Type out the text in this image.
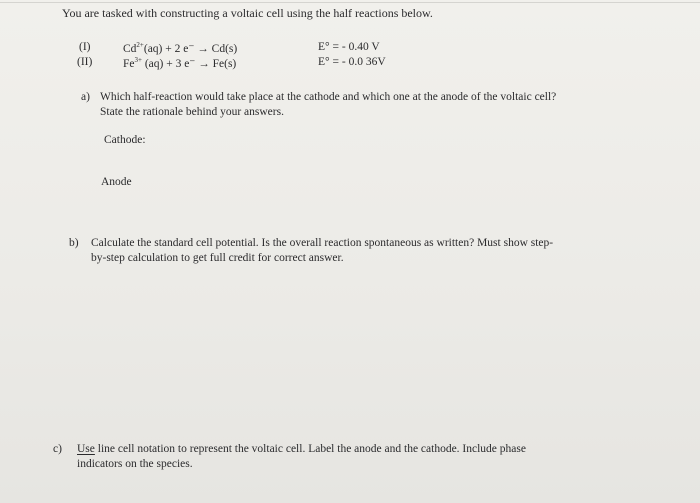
You are tasked with constructing a voltaic cell using the half reactions below.
(I)	$Cd^{2+}(aq) + 2$ e⁻ → Cd(s)	E° = - 0.40 V
(II)	$Fe^{3+}$ (aq) + 3 e⁻ → Fe(s)	E° = - 0.0 36V
a) Which half-reaction would take place at the cathode and which one at the anode of the voltaic cell?
State the rationale behind your answers.
Cathode:
Anode
b) Calculate the standard cell potential. Is the overall reaction spontaneous as written? Must show step-
by-step calculation to get full credit for correct answer.
c) Use line cell notation to represent the voltaic cell. Label the anode and the cathode. Include phase
indicators on the species.
